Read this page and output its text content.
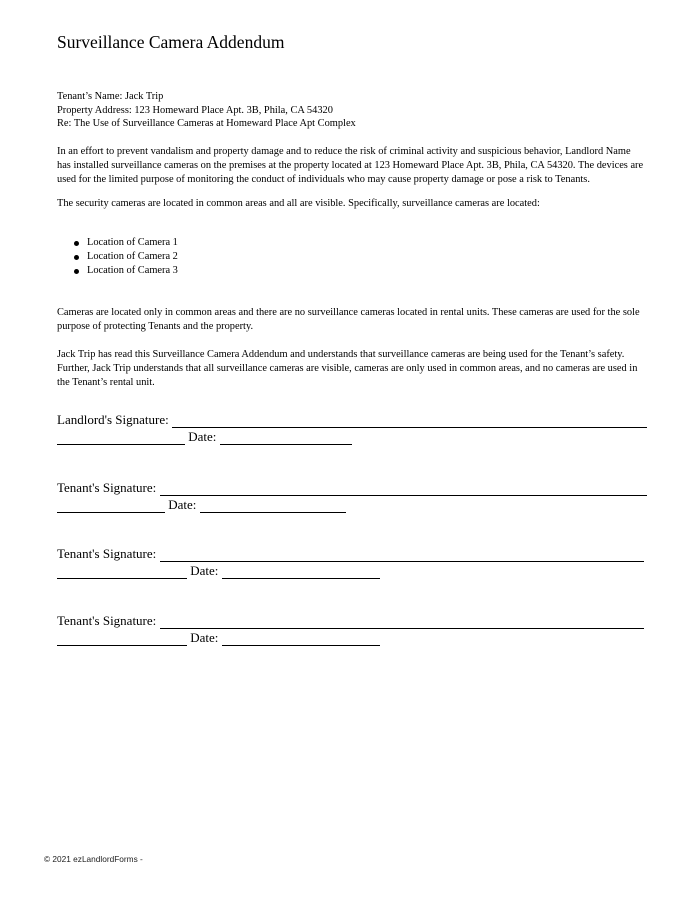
Surveillance Camera Addendum
Tenant’s Name: Jack Trip
Property Address: 123 Homeward Place Apt. 3B, Phila, CA 54320
Re: The Use of Surveillance Cameras at Homeward Place Apt Complex
In an effort to prevent vandalism and property damage and to reduce the risk of criminal activity and suspicious behavior, Landlord Name has installed surveillance cameras on the premises at the property located at 123 Homeward Place Apt. 3B, Phila, CA 54320. The devices are used for the limited purpose of monitoring the conduct of individuals who may cause property damage or pose a risk to Tenants.
The security cameras are located in common areas and all are visible. Specifically, surveillance cameras are located:
Location of Camera 1
Location of Camera 2
Location of Camera 3
Cameras are located only in common areas and there are no surveillance cameras located in rental units. These cameras are used for the sole purpose of protecting Tenants and the property.
Jack Trip has read this Surveillance Camera Addendum and understands that surveillance cameras are being used for the Tenant’s safety. Further, Jack Trip understands that all surveillance cameras are visible, cameras are only used in common areas, and no cameras are used in the Tenant’s rental unit.
Landlord's Signature:

Date:

Tenant's Signature:

Date:

Tenant's Signature:

Date:

Tenant's Signature:

Date:

© 2021 ezLandlordForms -
